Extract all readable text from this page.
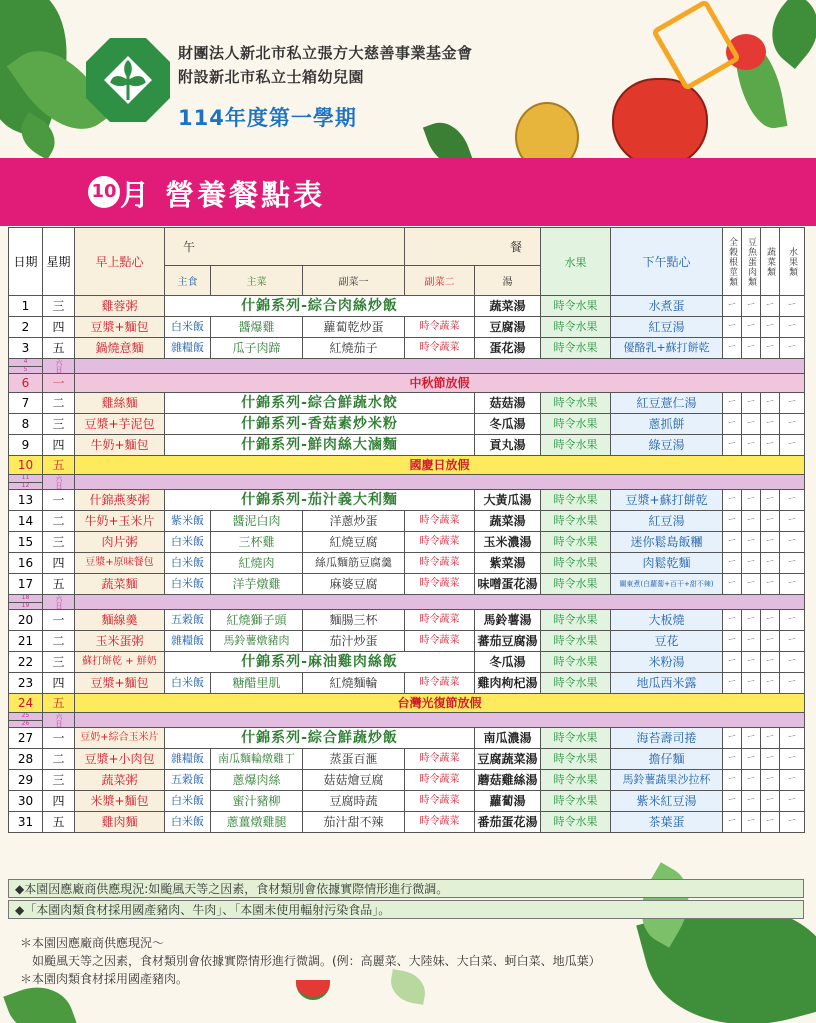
財團法人新北市私立張方大慈善事業基金會
附設新北市私立士箱幼兒園
114年度第一學期
10 月 營養餐點表
日期	星期	早上點心	午			餐		水果	下午點心	全穀根莖類	豆魚蛋肉類	蔬菜類	水果類

			主食	主菜	副菜一	副菜二	湯						
1	三	雞蓉粥	什錦系列-綜合肉絲炒飯				蔬菜湯	時令水果	水煮蛋	ㄧ	ㄧ	ㄧ	ㄧ
2	四	豆漿+麵包	白米飯	醬爆雞	蘿蔔乾炒蛋	時令蔬菜	豆腐湯	時令水果	紅豆湯	ㄧ	ㄧ	ㄧ	ㄧ
3	五	鍋燒意麵	雜糧飯	瓜子肉蹄	紅燒茄子	時令蔬菜	蛋花湯	時令水果	優酪乳+蘇打餅乾	ㄧ	ㄧ	ㄧ	ㄧ
4	六日												
5													
6	一	中秋節放假											
7	二	雞絲麵	什錦系列-綜合鮮蔬水餃				菇菇湯	時令水果	紅豆薏仁湯	ㄧ	ㄧ	ㄧ	ㄧ
8	三	豆漿+芋泥包	什錦系列-香菇素炒米粉				冬瓜湯	時令水果	蔥抓餅	ㄧ	ㄧ	ㄧ	ㄧ
9	四	牛奶+麵包	什錦系列-鮮肉絲大滷麵				貢丸湯	時令水果	綠豆湯	ㄧ	ㄧ	ㄧ	ㄧ
10	五	國慶日放假											
11	六日												
12													
13	一	什錦燕麥粥	什錦系列-茄汁義大利麵				大黃瓜湯	時令水果	豆漿+蘇打餅乾	ㄧ	ㄧ	ㄧ	ㄧ
14	二	牛奶+玉米片	紫米飯	醬泥白肉	洋蔥炒蛋	時令蔬菜	蔬菜湯	時令水果	紅豆湯	ㄧ	ㄧ	ㄧ	ㄧ
15	三	肉片粥	白米飯	三杯雞	紅燒豆腐	時令蔬菜	玉米濃湯	時令水果	迷你鬆島飯糰	ㄧ	ㄧ	ㄧ	ㄧ
16	四	豆漿+原味餐包	白米飯	紅燒肉	絲瓜麵筋豆腐羹	時令蔬菜	紫菜湯	時令水果	肉鬆乾麵	ㄧ	ㄧ	ㄧ	ㄧ
17	五	蔬菜麵	白米飯	洋芋燉雞	麻婆豆腐	時令蔬菜	味噌蛋花湯	時令水果	關東煮(白蘿蔔+百干+甜不辣)	ㄧ	ㄧ	ㄧ	ㄧ
18	六日												
19													
20	一	麵線羹	五穀飯	紅燒獅子頭	麵腸三杯	時令蔬菜	馬鈴薯湯	時令水果	大板燒	ㄧ	ㄧ	ㄧ	ㄧ
21	二	玉米蛋粥	雜糧飯	馬鈴薯燉豬肉	茄汁炒蛋	時令蔬菜	蕃茄豆腐湯	時令水果	豆花	ㄧ	ㄧ	ㄧ	ㄧ
22	三	蘇打餅乾 + 鮮奶	什錦系列-麻油雞肉絲飯				冬瓜湯	時令水果	米粉湯	ㄧ	ㄧ	ㄧ	ㄧ
23	四	豆漿+麵包	白米飯	糖醋里肌	紅燒麵輪	時令蔬菜	雞肉枸杞湯	時令水果	地瓜西米露	ㄧ	ㄧ	ㄧ	ㄧ
24	五	台灣光復節放假											
25	六日												
26													
27	一	豆奶+綜合玉米片	什錦系列-綜合鮮蔬炒飯				南瓜濃湯	時令水果	海苔壽司捲	ㄧ	ㄧ	ㄧ	ㄧ
28	二	豆漿+小肉包	雜糧飯	南瓜麵輪燉雞丁	蒸蛋百滙	時令蔬菜	豆腐蔬菜湯	時令水果	擔仔麵	ㄧ	ㄧ	ㄧ	ㄧ
29	三	蔬菜粥	五穀飯	蔥爆肉絲	菇菇燴豆腐	時令蔬菜	蘑菇雞絲湯	時令水果	馬鈴薯蔬果沙拉杯	ㄧ	ㄧ	ㄧ	ㄧ
30	四	米漿+麵包	白米飯	蜜汁豬柳	豆腐時蔬	時令蔬菜	蘿蔔湯	時令水果	紫米紅豆湯	ㄧ	ㄧ	ㄧ	ㄧ
31	五	雞肉麵	白米飯	蔥薑燉雞腿	茄汁甜不辣	時令蔬菜	番茄蛋花湯	時令水果	茶葉蛋	ㄧ	ㄧ	ㄧ	ㄧ
◆本園因應廠商供應現況:如颱風天等之因素，食材類別會依據實際情形進行微調。
◆「本園肉類食材採用國產豬肉、牛肉」、「本園未使用輻射污染食品」。
＊本園因應廠商供應現況～
如颱風天等之因素，食材類別會依據實際情形進行微調。(例：高麗菜、大陸妹、大白菜、蚵白菜、地瓜葉）
＊本園肉類食材採用國產豬肉。
